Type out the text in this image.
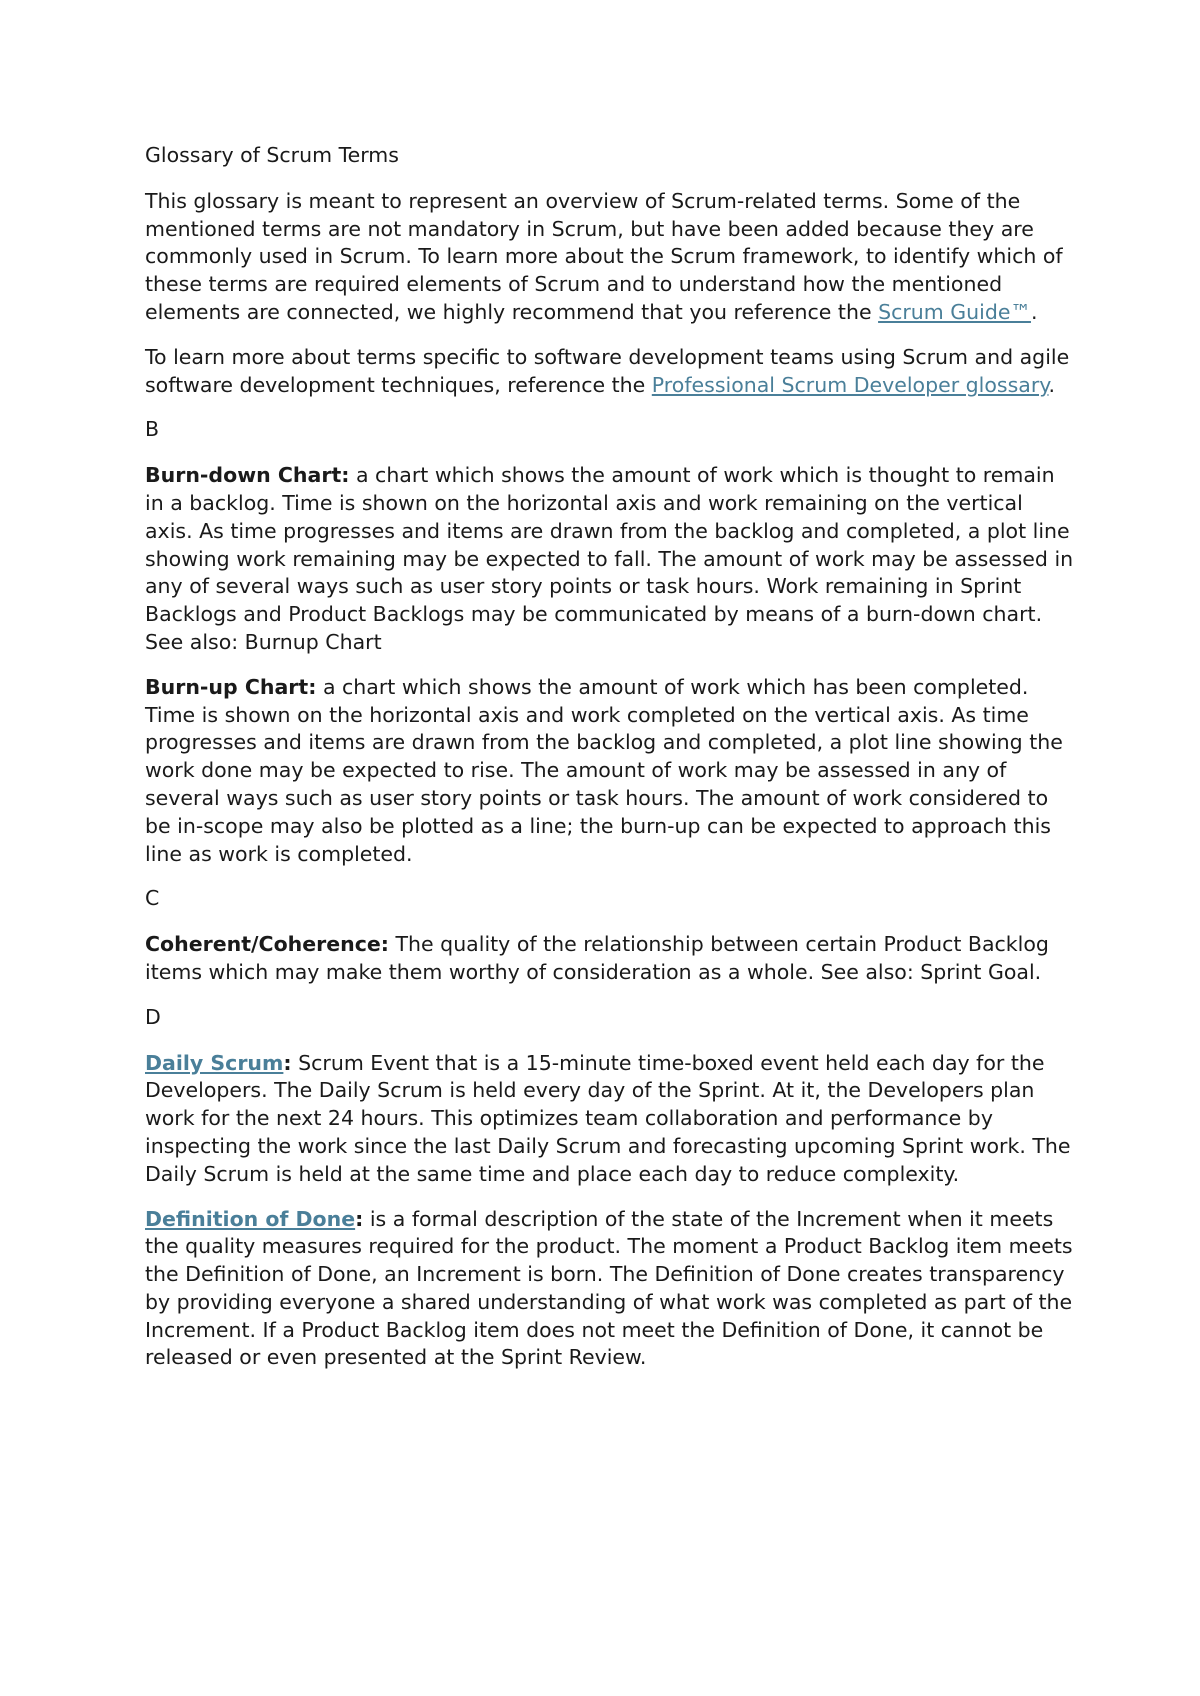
Glossary of Scrum Terms

This glossary is meant to represent an overview of Scrum-related terms. Some of the mentioned terms are not mandatory in Scrum, but have been added because they are commonly used in Scrum. To learn more about the Scrum framework, to identify which of these terms are required elements of Scrum and to understand how the mentioned elements are connected, we highly recommend that you reference the Scrum Guide™.

To learn more about terms specific to software development teams using Scrum and agile software development techniques, reference the Professional Scrum Developer glossary.

B

Burn-down Chart: a chart which shows the amount of work which is thought to remain in a backlog. Time is shown on the horizontal axis and work remaining on the vertical axis. As time progresses and items are drawn from the backlog and completed, a plot line showing work remaining may be expected to fall. The amount of work may be assessed in any of several ways such as user story points or task hours. Work remaining in Sprint Backlogs and Product Backlogs may be communicated by means of a burn-down chart. See also: Burnup Chart

Burn-up Chart: a chart which shows the amount of work which has been completed. Time is shown on the horizontal axis and work completed on the vertical axis. As time progresses and items are drawn from the backlog and completed, a plot line showing the work done may be expected to rise. The amount of work may be assessed in any of several ways such as user story points or task hours. The amount of work considered to be in-scope may also be plotted as a line; the burn-up can be expected to approach this line as work is completed.

C

Coherent/Coherence: The quality of the relationship between certain Product Backlog items which may make them worthy of consideration as a whole. See also: Sprint Goal.

D

Daily Scrum: Scrum Event that is a 15-minute time-boxed event held each day for the Developers. The Daily Scrum is held every day of the Sprint. At it, the Developers plan work for the next 24 hours. This optimizes team collaboration and performance by inspecting the work since the last Daily Scrum and forecasting upcoming Sprint work. The Daily Scrum is held at the same time and place each day to reduce complexity.

Definition of Done: is a formal description of the state of the Increment when it meets the quality measures required for the product. The moment a Product Backlog item meets the Definition of Done, an Increment is born. The Definition of Done creates transparency by providing everyone a shared understanding of what work was completed as part of the Increment. If a Product Backlog item does not meet the Definition of Done, it cannot be released or even presented at the Sprint Review.
